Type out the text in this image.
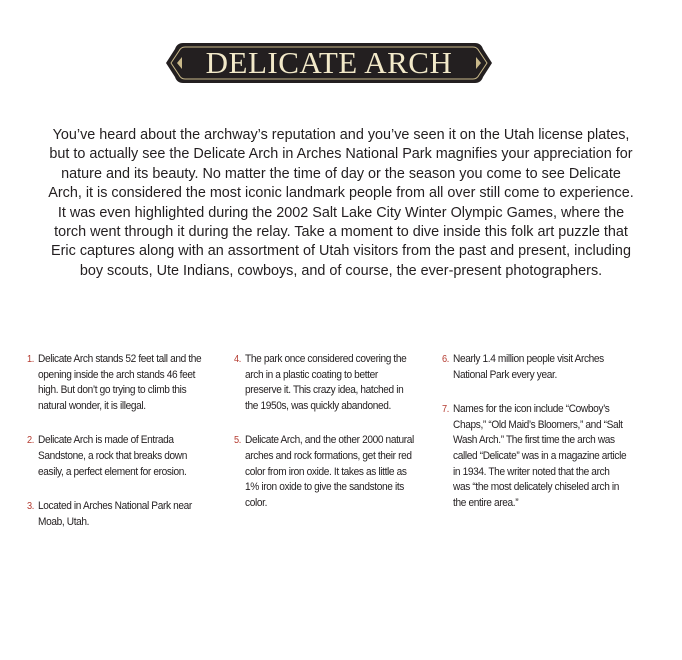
DELICATE ARCH

You’ve heard about the archway’s reputation and you’ve seen it on the Utah license plates, but to actually see the Delicate Arch in Arches National Park magnifies your appreciation for nature and its beauty. No matter the time of day or the season you come to see Delicate Arch, it is considered the most iconic landmark people from all over still come to experience. It was even highlighted during the 2002 Salt Lake City Winter Olympic Games, where the torch went through it during the relay. Take a moment to dive inside this folk art puzzle that Eric captures along with an assortment of Utah visitors from the past and present, including boy scouts, Ute Indians, cowboys, and of course, the ever-present photographers.

1. Delicate Arch stands 52 feet tall and the opening inside the arch stands 46 feet high. But don’t go trying to climb this natural wonder, it is illegal.
2. Delicate Arch is made of Entrada Sandstone, a rock that breaks down easily, a perfect element for erosion.
3. Located in Arches National Park near Moab, Utah.
4. The park once considered covering the arch in a plastic coating to better preserve it. This crazy idea, hatched in the 1950s, was quickly abandoned.
5. Delicate Arch, and the other 2000 natural arches and rock formations, get their red color from iron oxide. It takes as little as 1% iron oxide to give the sandstone its color.
6. Nearly 1.4 million people visit Arches National Park every year.
7. Names for the icon include “Cowboy’s Chaps,” “Old Maid’s Bloomers,” and “Salt Wash Arch.” The first time the arch was called “Delicate” was in a magazine article in 1934. The writer noted that the arch was “the most delicately chiseled arch in the entire area.”
